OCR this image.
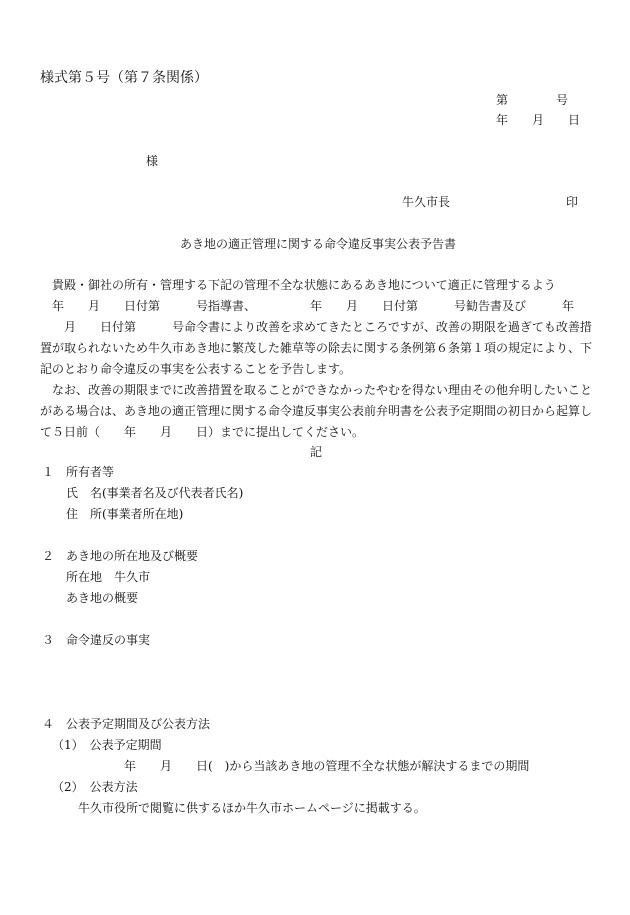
様式第５号（第７条関係）
第　　　　号
年　　月　　日
様
牛久市長	印
あき地の適正管理に関する命令違反事実公表予告書
　貴殿・御社の所有・管理する下記の管理不全な状態にあるあき地について適正に管理するよう
　年　　月　　日付第　　　号指導書、　　　　　年　　月　　日付第　　　号勧告書及び　　　年
　　月　　日付第　　　号命令書により改善を求めてきたところですが、改善の期限を過ぎても改善措
置が取られないため牛久市あき地に繁茂した雑草等の除去に関する条例第６条第１項の規定により、下
記のとおり命令違反の事実を公表することを予告します。
　なお、改善の期限までに改善措置を取ることができなかったやむを得ない理由その他弁明したいこと
がある場合は、あき地の適正管理に関する命令違反事実公表前弁明書を公表予定期間の初日から起算し
て５日前（　　年　　月　　日）までに提出してください。
記
１　所有者等
氏　名(事業者名及び代表者氏名)
住　所(事業者所在地)
２　あき地の所在地及び概要
所在地　牛久市
あき地の概要
３　命令違反の事実
４　公表予定期間及び公表方法
（1）　公表予定期間
年　　月　　日(　)から当該あき地の管理不全な状態が解決するまでの期間
（2）　公表方法
牛久市役所で閲覧に供するほか牛久市ホームページに掲載する。
